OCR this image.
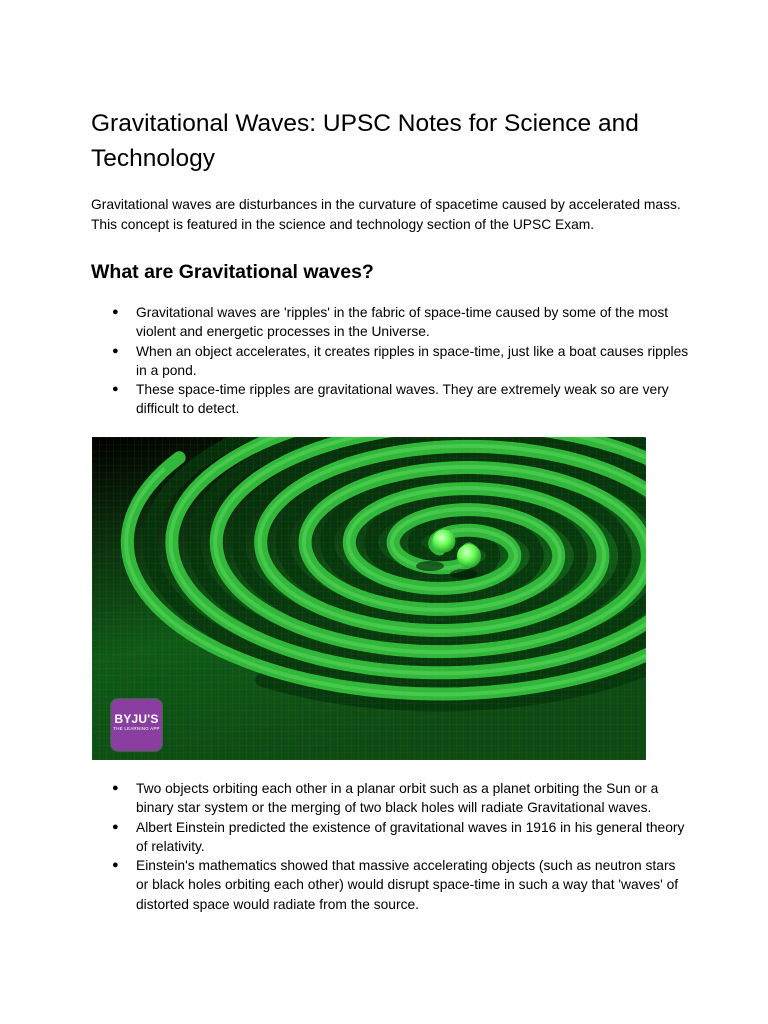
Gravitational Waves: UPSC Notes for Science and Technology

Gravitational waves are disturbances in the curvature of spacetime caused by accelerated mass. This concept is featured in the science and technology section of the UPSC Exam.

What are Gravitational waves?
● Gravitational waves are 'ripples' in the fabric of space-time caused by some of the most violent and energetic processes in the Universe.
● When an object accelerates, it creates ripples in space-time, just like a boat causes ripples in a pond.
● These space-time ripples are gravitational waves. They are extremely weak so are very difficult to detect.
BYJU'S
THE LEARNING APP
● Two objects orbiting each other in a planar orbit such as a planet orbiting the Sun or a binary star system or the merging of two black holes will radiate Gravitational waves.
● Albert Einstein predicted the existence of gravitational waves in 1916 in his general theory of relativity.
● Einstein's mathematics showed that massive accelerating objects (such as neutron stars or black holes orbiting each other) would disrupt space-time in such a way that 'waves' of distorted space would radiate from the source.
